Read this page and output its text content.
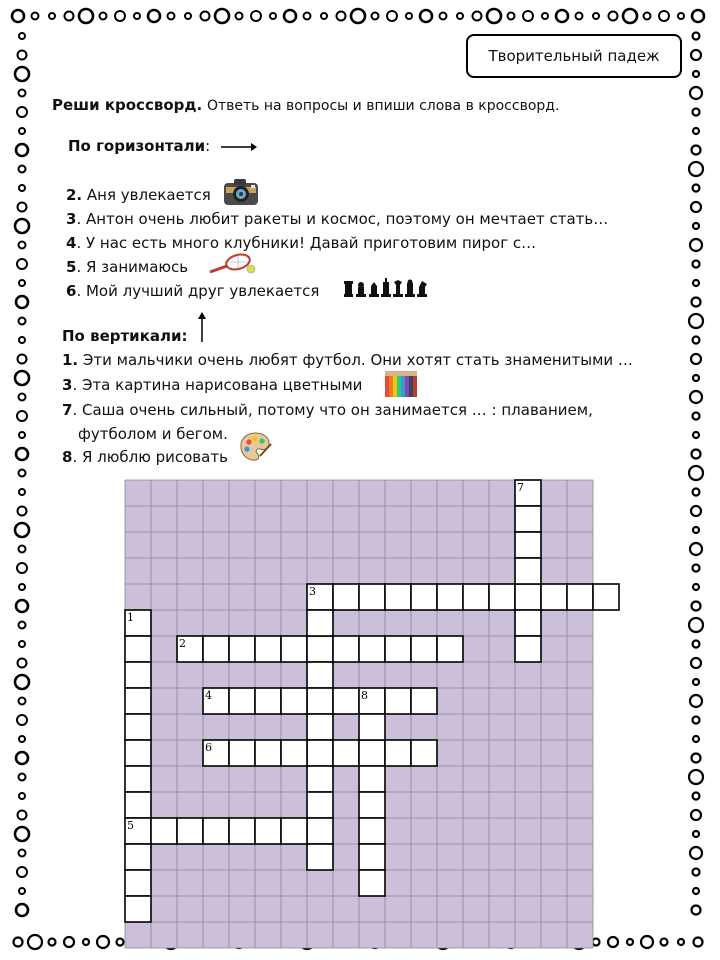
Творительный падеж
Реши кроссворд. Ответь на вопросы и впиши слова в кроссворд.
По горизонтали:
2. Аня увлекается
3. Антон очень любит ракеты и космос, поэтому он мечтает стать…
4. У нас есть много клубники! Давай приготовим пирог с…
5. Я занимаюсь
6. Мой лучший друг увлекается
По вертикали:
1. Эти мальчики очень любят футбол. Они хотят стать знаменитыми …
3. Эта картина нарисована цветными
7. Саша очень сильный, потому что он занимается … : плаванием,
футболом и бегом.
8. Я люблю рисовать
1
2
3
4
5
6
7
8
